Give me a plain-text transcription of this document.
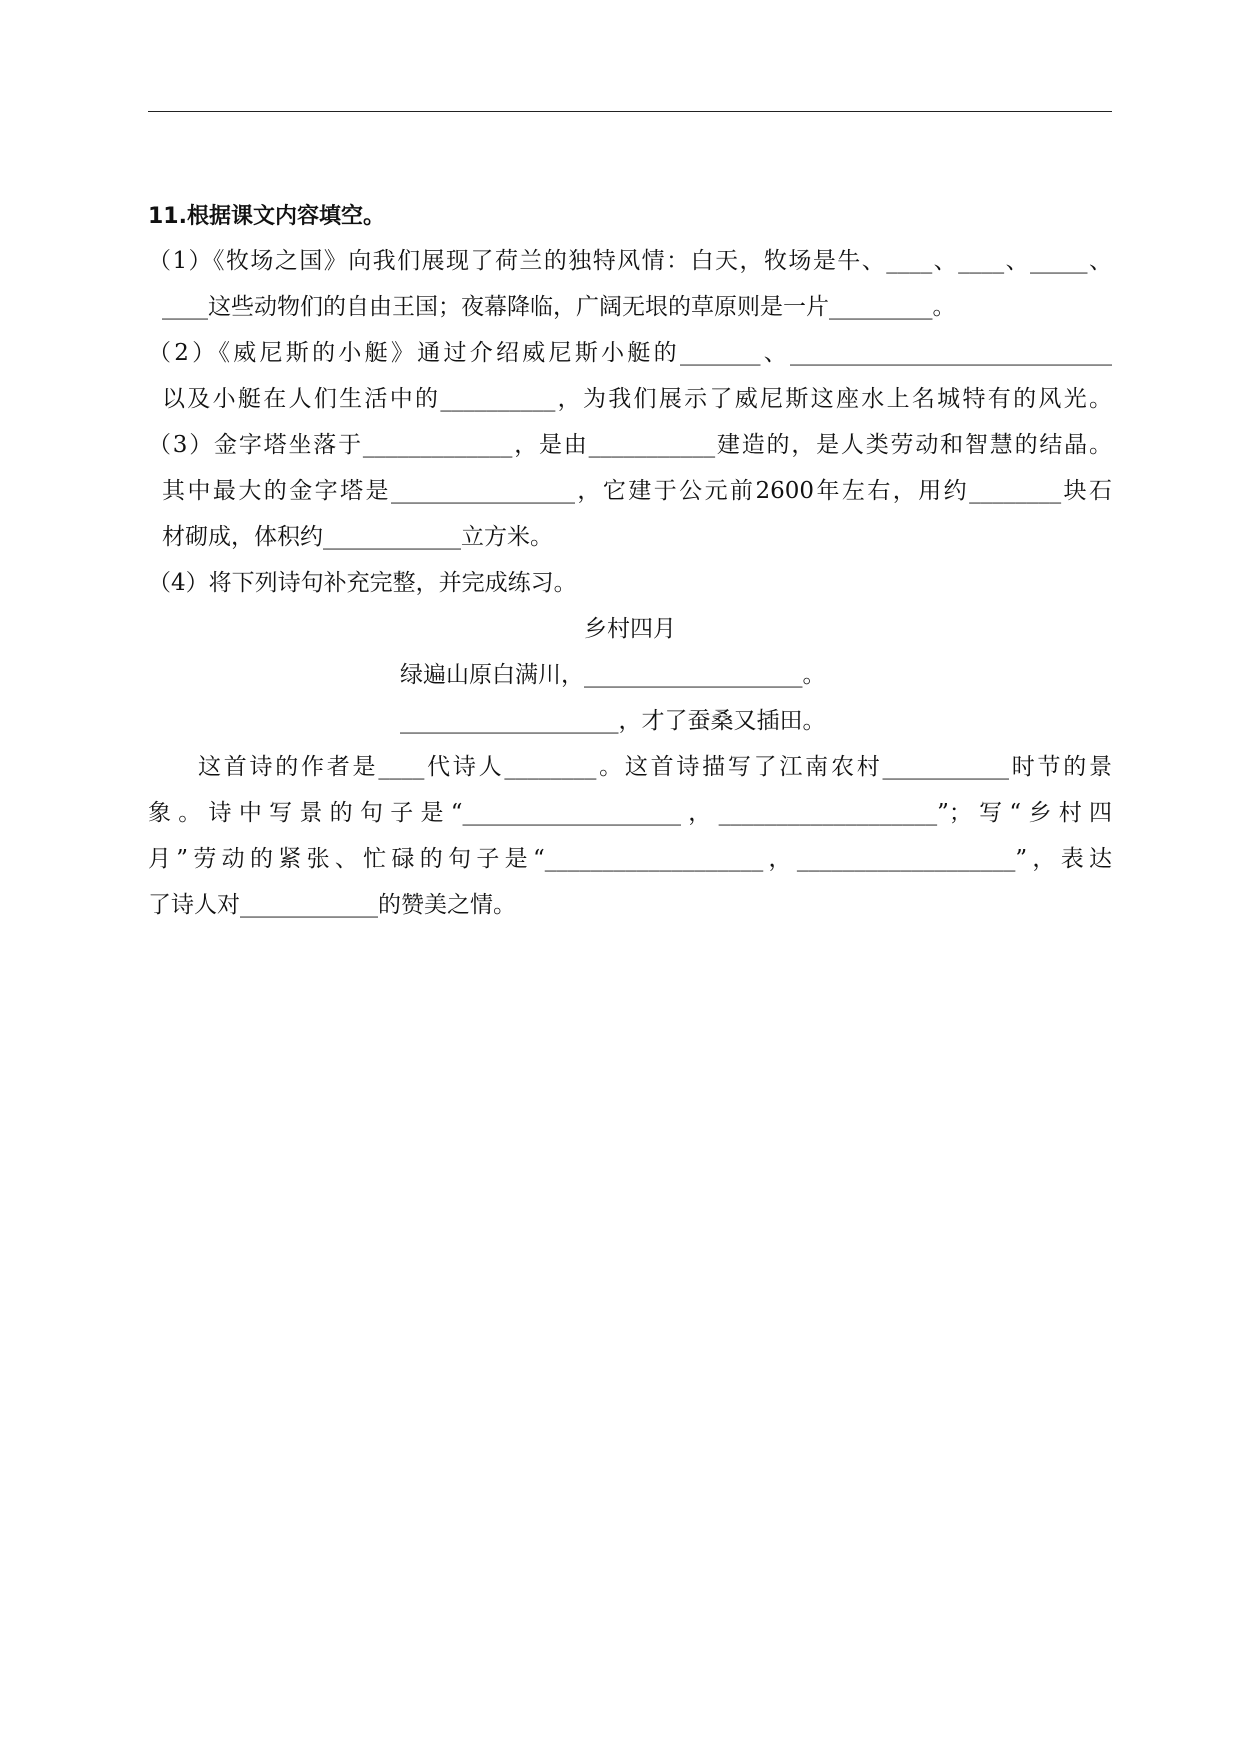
11.根据课文内容填空。
（1）《牧场之国》向我们展现了荷兰的独特风情：白天，牧场是牛、____、____、_____、
____这些动物们的自由王国；夜幕降临，广阔无垠的草原则是一片_________。
（2）《威尼斯的小艇》通过介绍威尼斯小艇的_______、____________________________
以及小艇在人们生活中的__________，为我们展示了威尼斯这座水上名城特有的风光。
（3）金字塔坐落于_____________，是由___________建造的，是人类劳动和智慧的结晶。
其中最大的金字塔是________________，它建于公元前2600年左右，用约________块石
材砌成，体积约____________立方米。
（4）将下列诗句补充完整，并完成练习。
乡村四月
绿遍山原白满川，___________________。
___________________，才了蚕桑又插田。
这首诗的作者是____代诗人________。这首诗描写了江南农村___________时节的景
象。诗中写景的句子是“___________________，___________________”；写“乡村四
月”劳动的紧张、忙碌的句子是“___________________，___________________”，表达
了诗人对____________的赞美之情。
